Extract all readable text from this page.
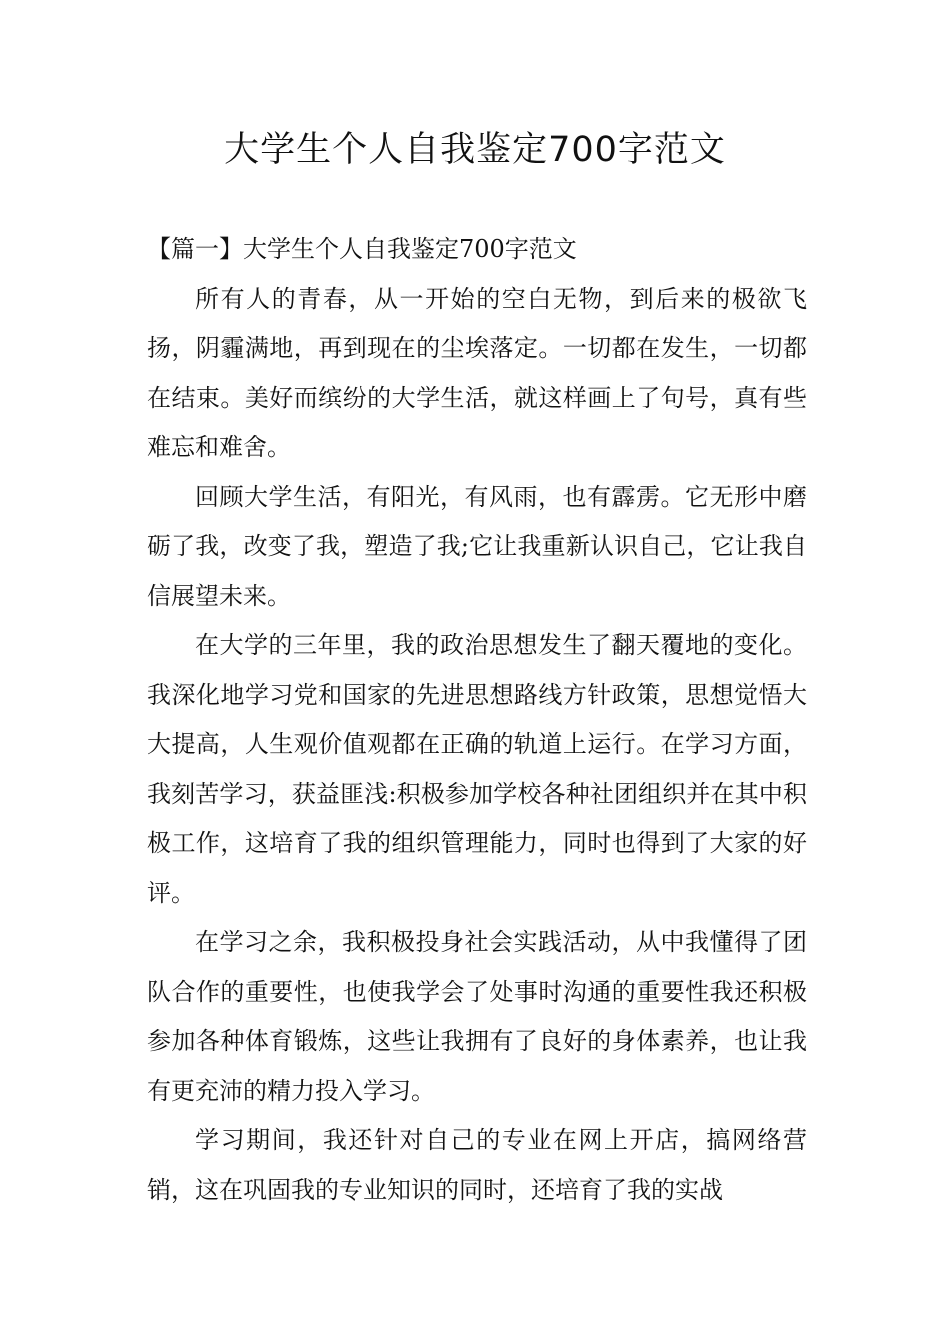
大学生个人自我鉴定700字范文

【篇一】大学生个人自我鉴定700字范文

所有人的青春，从一开始的空白无物，到后来的极欲飞扬，阴霾满地，再到现在的尘埃落定。一切都在发生，一切都在结束。美好而缤纷的大学生活，就这样画上了句号，真有些难忘和难舍。

回顾大学生活，有阳光，有风雨，也有霹雳。它无形中磨砺了我，改变了我，塑造了我;它让我重新认识自己，它让我自信展望未来。

在大学的三年里，我的政治思想发生了翻天覆地的变化。我深化地学习党和国家的先进思想路线方针政策，思想觉悟大大提高，人生观价值观都在正确的轨道上运行。在学习方面，我刻苦学习，获益匪浅:积极参加学校各种社团组织并在其中积极工作，这培育了我的组织管理能力，同时也得到了大家的好评。

在学习之余，我积极投身社会实践活动，从中我懂得了团队合作的重要性，也使我学会了处事时沟通的重要性我还积极参加各种体育锻炼，这些让我拥有了良好的身体素养，也让我有更充沛的精力投入学习。

学习期间，我还针对自己的专业在网上开店，搞网络营销，这在巩固我的专业知识的同时，还培育了我的实战
